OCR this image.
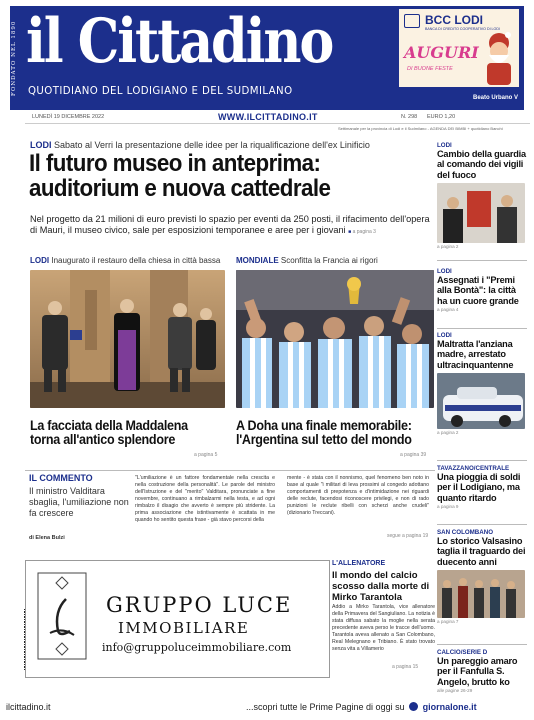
FONDATO NEL 1890 il Cittadino
QUOTIDIANO DEL LODIGIANO E DEL SUDMILANO
Beato Urbano V
BCC LODI
BANCA DI CREDITO COOPERATIVO DI LODI
AUGURI
DI BUONE FESTE
LUNEDÌ 19 DICEMBRE 2022	WWW.ILCITTADINO.IT	N. 298 EURO 1,20
Settimanale per la provincia di Lodi e il Sudmilano - AGENDA DEI BIMBI + quotidiano Banchi
LODI Sabato al Verri la presentazione delle idee per la riqualificazione dell'ex Linificio
Il futuro museo in anteprima:
auditorium e nuova cattedrale
Nel progetto da 21 milioni di euro previsti lo spazio per eventi da 250 posti, il rifacimento dell'opera di Mauri, il museo civico, sale per esposizioni temporanee e aree per i giovani ■ a pagina 3
LODI Inaugurato il restauro della chiesa in città bassa
La facciata della Maddalena
torna all'antico splendore
a pagina 5
MONDIALE Sconfitta la Francia ai rigori
A Doha una finale memorabile:
l'Argentina sul tetto del mondo
a pagina 39
IL COMMENTO
Il ministro Valditara sbaglia, l'umiliazione non fa crescere
di Elena Bulzi
"L'umiliazione è un fattore fondamentale nella crescita e nella costruzione della personalità". Le parole del ministro dell'Istruzione e del "merito" Valditara, pronunciate a fine novembre, continuano a rimbalzarmi nella testa, e ad ogni rimbalzo il disagio che avverto è sempre più stridente. La prima associazione che istintivamente è scattata in me quando ho sentito questa frase - già stavo percorsi della
mente - è stata con il nonnismo, quel fenomeno ben noto in base al quale "i militari di leva prossimi al congedo adottano comportamenti di prepotenza e d'intimidazione nei riguardi delle reclute, facendosi riconoscere privilegi, e non di rado punizioni le reclute ribelli con scherzi anche crudeli" (dizionario Treccani).
segue a pagina 19
GRUPPO LUCE
IMMOBILIARE
info@gruppoluceimmobiliare.com
L'ALLENATORE
Il mondo del calcio scosso dalla morte di Mirko Tarantola
Addio a Mirko Tarantola, vice allenatore della Primavera del Sangiuliano. La notizia è stata diffusa sabato la moglie nella serata precedente aveva perso le tracce dell'uomo. Tarantola aveva allenato a San Colombano, Real Melegnano e Tribiano. È stato trovato senza vita a Villamerio
a pagina 15
LODI
Cambio della guardia al comando dei vigili del fuoco
a pagina 2
LODI
Assegnati i "Premi alla Bontà": la città ha un cuore grande
a pagina 4
LODI
Maltratta l'anziana madre, arrestato ultracinquantenne
a pagina 2
TAVAZZANO/CENTRALE
Una pioggia di soldi per il Lodigiano, ma quanto ritardo
a pagina 9
SAN COLOMBANO
Lo storico Valsasino taglia il traguardo dei duecento anni
a pagina 7
CALCIO/SERIE D
Un pareggio amaro per il Fanfulla S. Angelo, brutto ko
alle pagine 26-29
ilcittadino.it	...scopri tutte le Prime Pagine di oggi su giornalone.it
